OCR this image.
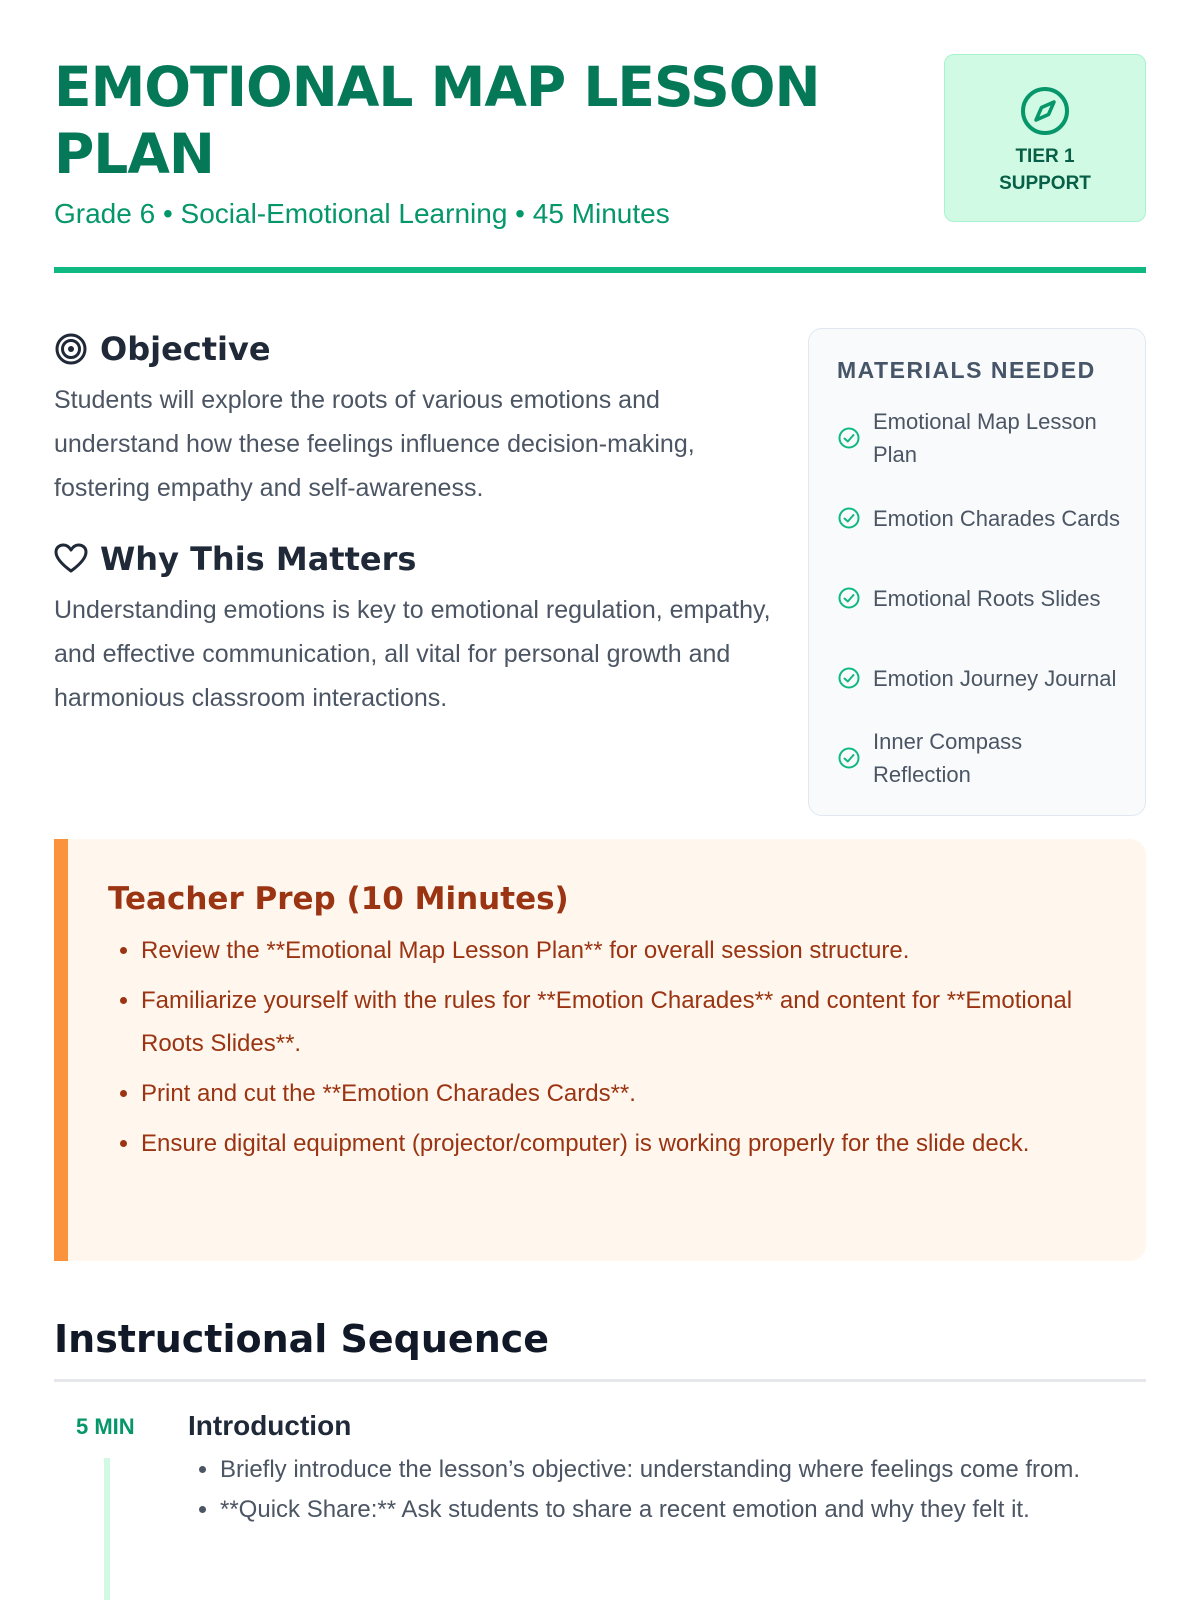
EMOTIONAL MAP LESSON PLAN
Grade 6 • Social-Emotional Learning • 45 Minutes
TIER 1
SUPPORT
Objective

Students will explore the roots of various emotions and understand how these feelings influence decision-making, fostering empathy and self-awareness.

Why This Matters

Understanding emotions is key to emotional regulation, empathy, and effective communication, all vital for personal growth and harmonious classroom interactions.

MATERIALS NEEDED
Emotional Map Lesson Plan
Emotion Charades Cards
Emotional Roots Slides
Emotion Journey Journal
Inner Compass Reflection
Teacher Prep (10 Minutes)
• Review the **Emotional Map Lesson Plan** for overall session structure.
• Familiarize yourself with the rules for **Emotion Charades** and content for **Emotional Roots Slides**.
• Print and cut the **Emotion Charades Cards**.
• Ensure digital equipment (projector/computer) is working properly for the slide deck.
Instructional Sequence
5 MIN Introduction
• Briefly introduce the lesson’s objective: understanding where feelings come from.
• **Quick Share:** Ask students to share a recent emotion and why they felt it.
